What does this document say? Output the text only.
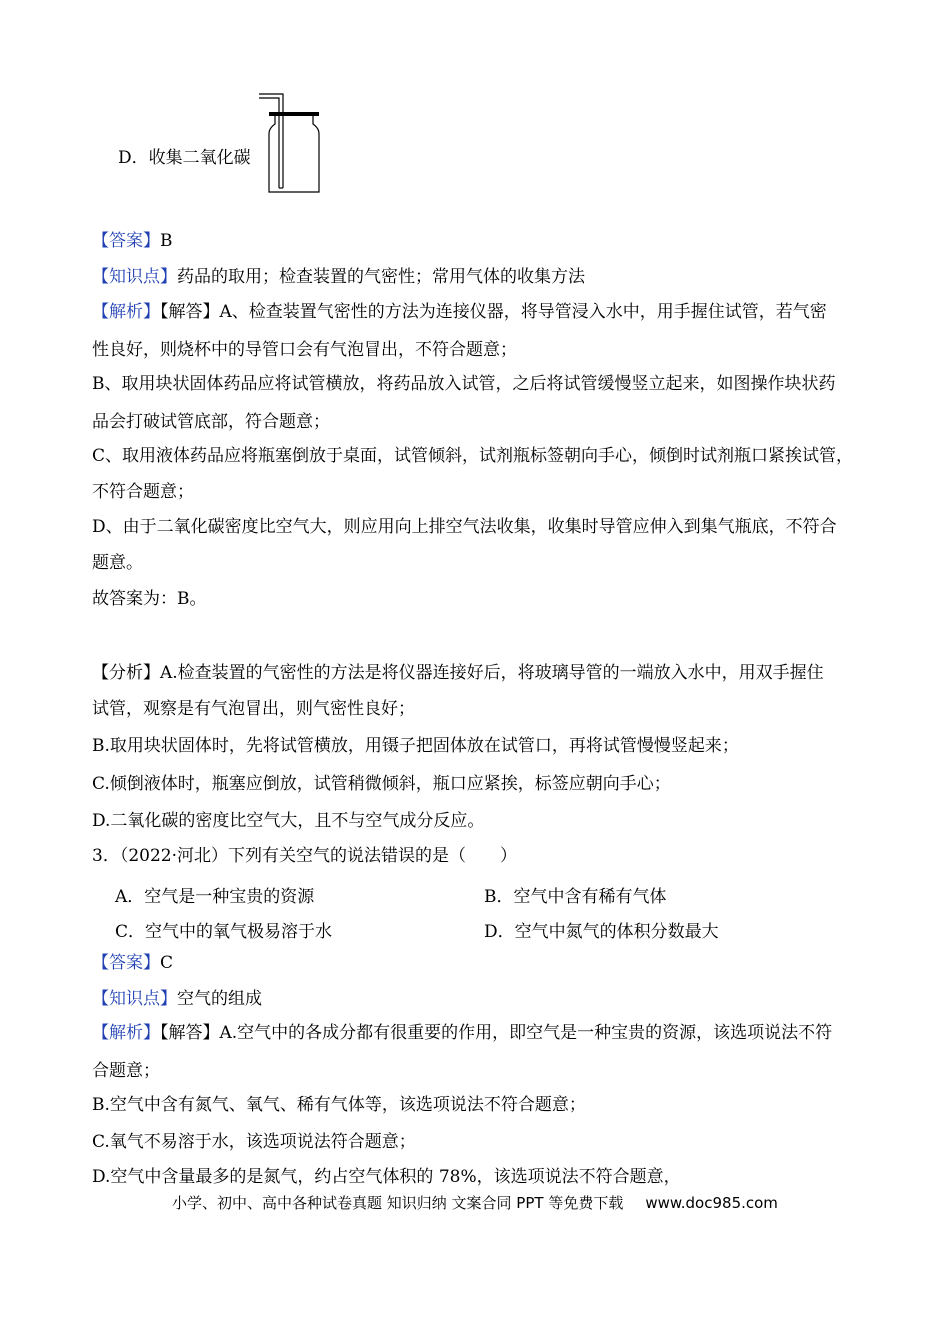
D．收集二氧化碳
【答案】B
【知识点】药品的取用；检查装置的气密性；常用气体的收集方法
【解析】【解答】A、检查装置气密性的方法为连接仪器，将导管浸入水中，用手握住试管，若气密
性良好，则烧杯中的导管口会有气泡冒出，不符合题意；
B、取用块状固体药品应将试管横放，将药品放入试管，之后将试管缓慢竖立起来，如图操作块状药
品会打破试管底部，符合题意；
C、取用液体药品应将瓶塞倒放于桌面，试管倾斜，试剂瓶标签朝向手心，倾倒时试剂瓶口紧挨试管，
不符合题意；
D、由于二氧化碳密度比空气大，则应用向上排空气法收集，收集时导管应伸入到集气瓶底，不符合
题意。
故答案为：B。
【分析】A.检查装置的气密性的方法是将仪器连接好后，将玻璃导管的一端放入水中，用双手握住
试管，观察是有气泡冒出，则气密性良好；
B.取用块状固体时，先将试管横放，用镊子把固体放在试管口，再将试管慢慢竖起来；
C.倾倒液体时，瓶塞应倒放，试管稍微倾斜，瓶口应紧挨，标签应朝向手心；
D.二氧化碳的密度比空气大，且不与空气成分反应。
3．（2022·河北）下列有关空气的说法错误的是（　　）
A．空气是一种宝贵的资源	B．空气中含有稀有气体
C．空气中的氧气极易溶于水	D．空气中氮气的体积分数最大
【答案】C
【知识点】空气的组成
【解析】【解答】A.空气中的各成分都有很重要的作用，即空气是一种宝贵的资源，该选项说法不符
合题意；
B.空气中含有氮气、氧气、稀有气体等，该选项说法不符合题意；
C.氧气不易溶于水，该选项说法符合题意；
D.空气中含量最多的是氮气，约占空气体积的 78%，该选项说法不符合题意，
小学、初中、高中各种试卷真题 知识归纳 文案合同 PPT 等免费下载 www.doc985.com
